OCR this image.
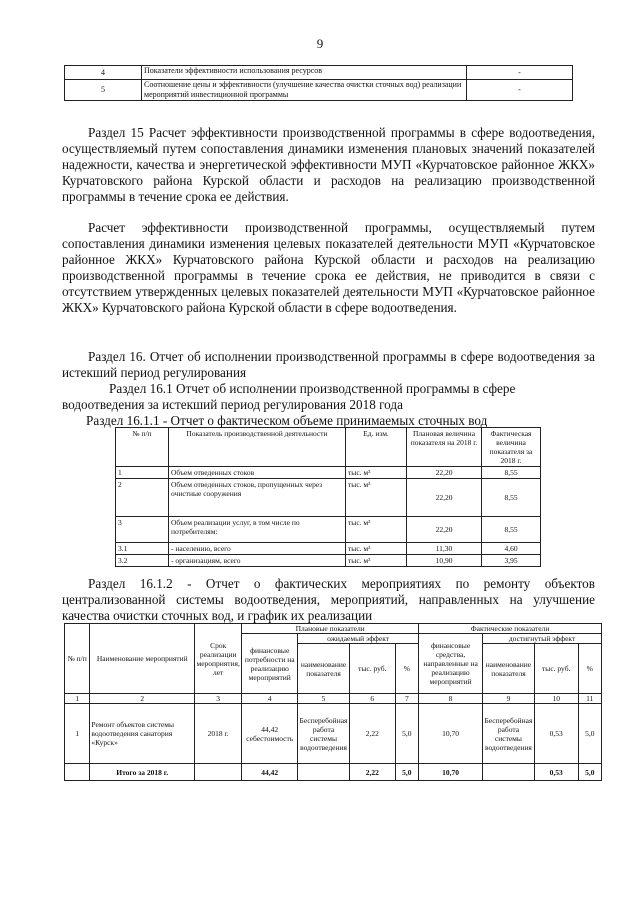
9
4	Показатели эффективности использования ресурсов	-
5	Соотношение цены и эффективности (улучшение качества очистки сточных вод) реализации мероприятий инвестиционной программы	-

Раздел 15 Расчет эффективности производственной программы в сфере водоотведения, осуществляемый путем сопоставления динамики изменения плановых значений показателей надежности, качества и энергетической эффективности МУП «Курчатовское районное ЖКХ» Курчатовского района Курской области и расходов на реализацию производственной программы в течение срока ее действия.

Расчет эффективности производственной программы, осуществляемый путем сопоставления динамики изменения целевых показателей деятельности МУП «Курчатовское районное ЖКХ» Курчатовского района Курской области и расходов на реализацию производственной программы в течение срока ее действия, не приводится в связи с отсутствием утвержденных целевых показателей деятельности МУП «Курчатовское районное ЖКХ» Курчатовского района Курской области в сфере водоотведения.

Раздел 16. Отчет об исполнении производственной программы в сфере водоотведения за истекший период регулирования

Раздел 16.1 Отчет об исполнении производственной программы в сфере

водоотведения за истекший период регулирования 2018 года

Раздел 16.1.1 - Отчет о фактическом объеме принимаемых сточных вод

№ п/п	Показатель производственной деятельности	Ед. изм.	Плановая величина показателя на 2018 г.	Фактическая величина показателя за 2018 г.
1	Объем отведенных стоков	тыс. м³	22,20	8,55
2	Объем отведенных стоков, пропущенных через очистные сооружения	тыс. м³	22,20	8,55
3	Объем реализации услуг, в том числе по потребителям:	тыс. м³	22,20	8,55
3.1	- населению, всего	тыс. м³	11,30	4,60
3.2	- организациям, всего	тыс. м³	10,90	3,95

Раздел 16.1.2 - Отчет о фактических мероприятиях по ремонту объектов централизованной системы водоотведения, мероприятий, направленных на улучшение качества очистки сточных вод, и график их реализации

№ п/п	Наименование мероприятий	Срок реализации мероприятия, лет	Плановые показатели				Фактические показатели			
			финансовые потребности на реализацию мероприятий	ожидаемый эффект			финансовые средства, направленные на реализацию мероприятий	достигнутый эффект		
				наименование показателя	тыс. руб.	%		наименование показателя	тыс. руб.	%
1	2	3	4	5	6	7	8	9	10	11
1	Ремонт объектов системы водоотведения санатория «Курск»	2018 г.	44,42 себестоимость	Бесперебойная работа системы водоотведения	2,22	5,0	10,70	Бесперебойная работа системы водоотведения	0,53	5,0
	Итого за 2018 г.		44,42		2,22	5,0	10,70		0,53	5,0
